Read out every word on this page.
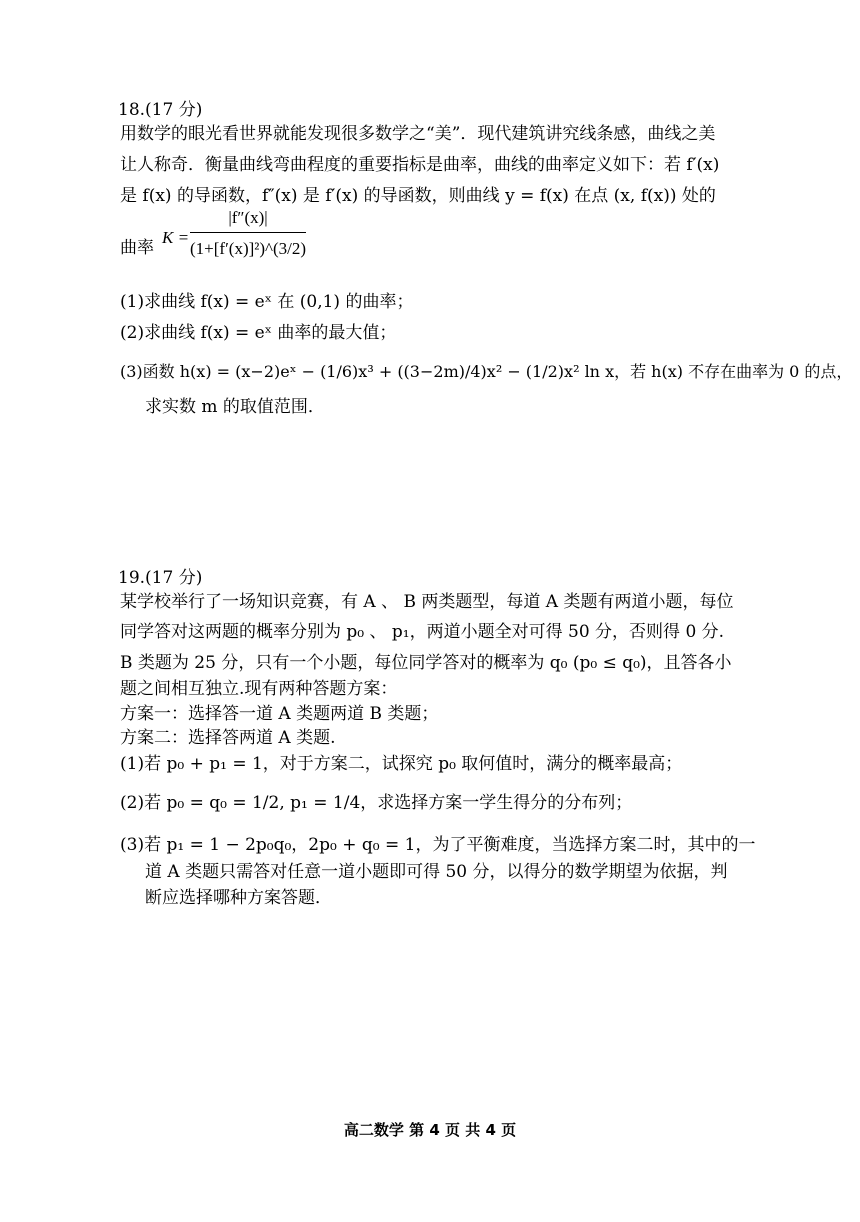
18.(17 分)
用数学的眼光看世界就能发现很多数学之“美”．现代建筑讲究线条感，曲线之美
让人称奇．衡量曲线弯曲程度的重要指标是曲率，曲线的曲率定义如下：若 f′(x)
是 f(x) 的导函数，f″(x) 是 f′(x) 的导函数，则曲线 y = f(x) 在点 (x, f(x)) 处的
曲率
$K = \frac{|f''(x)|}{\text{(1+[f′(x)]²)\textasciicircum{}(3/2)}}$
(1)求曲线 f(x) = eˣ 在 (0,1) 的曲率；
(2)求曲线 f(x) = eˣ 曲率的最大值；
(3)函数 h(x) = (x−2)eˣ − (1/6)x³ + ((3−2m)/4)x² − (1/2)x² ln x，若 h(x) 不存在曲率为 0 的点，
求实数 m 的取值范围．
19.(17 分)
某学校举行了一场知识竞赛，有 A 、 B 两类题型，每道 A 类题有两道小题，每位
同学答对这两题的概率分别为 p₀ 、 p₁，两道小题全对可得 50 分，否则得 0 分.
B 类题为 25 分，只有一个小题，每位同学答对的概率为 q₀ (p₀ ≤ q₀)，且答各小
题之间相互独立.现有两种答题方案：
方案一：选择答一道 A 类题两道 B 类题；
方案二：选择答两道 A 类题.
(1)若 p₀ + p₁ = 1，对于方案二，试探究 p₀ 取何值时，满分的概率最高；
(2)若 p₀ = q₀ = 1/2, p₁ = 1/4，求选择方案一学生得分的分布列；
(3)若 p₁ = 1 − 2p₀q₀，2p₀ + q₀ = 1，为了平衡难度，当选择方案二时，其中的一
道 A 类题只需答对任意一道小题即可得 50 分，以得分的数学期望为依据，判
断应选择哪种方案答题．
高二数学 第 4 页 共 4 页
